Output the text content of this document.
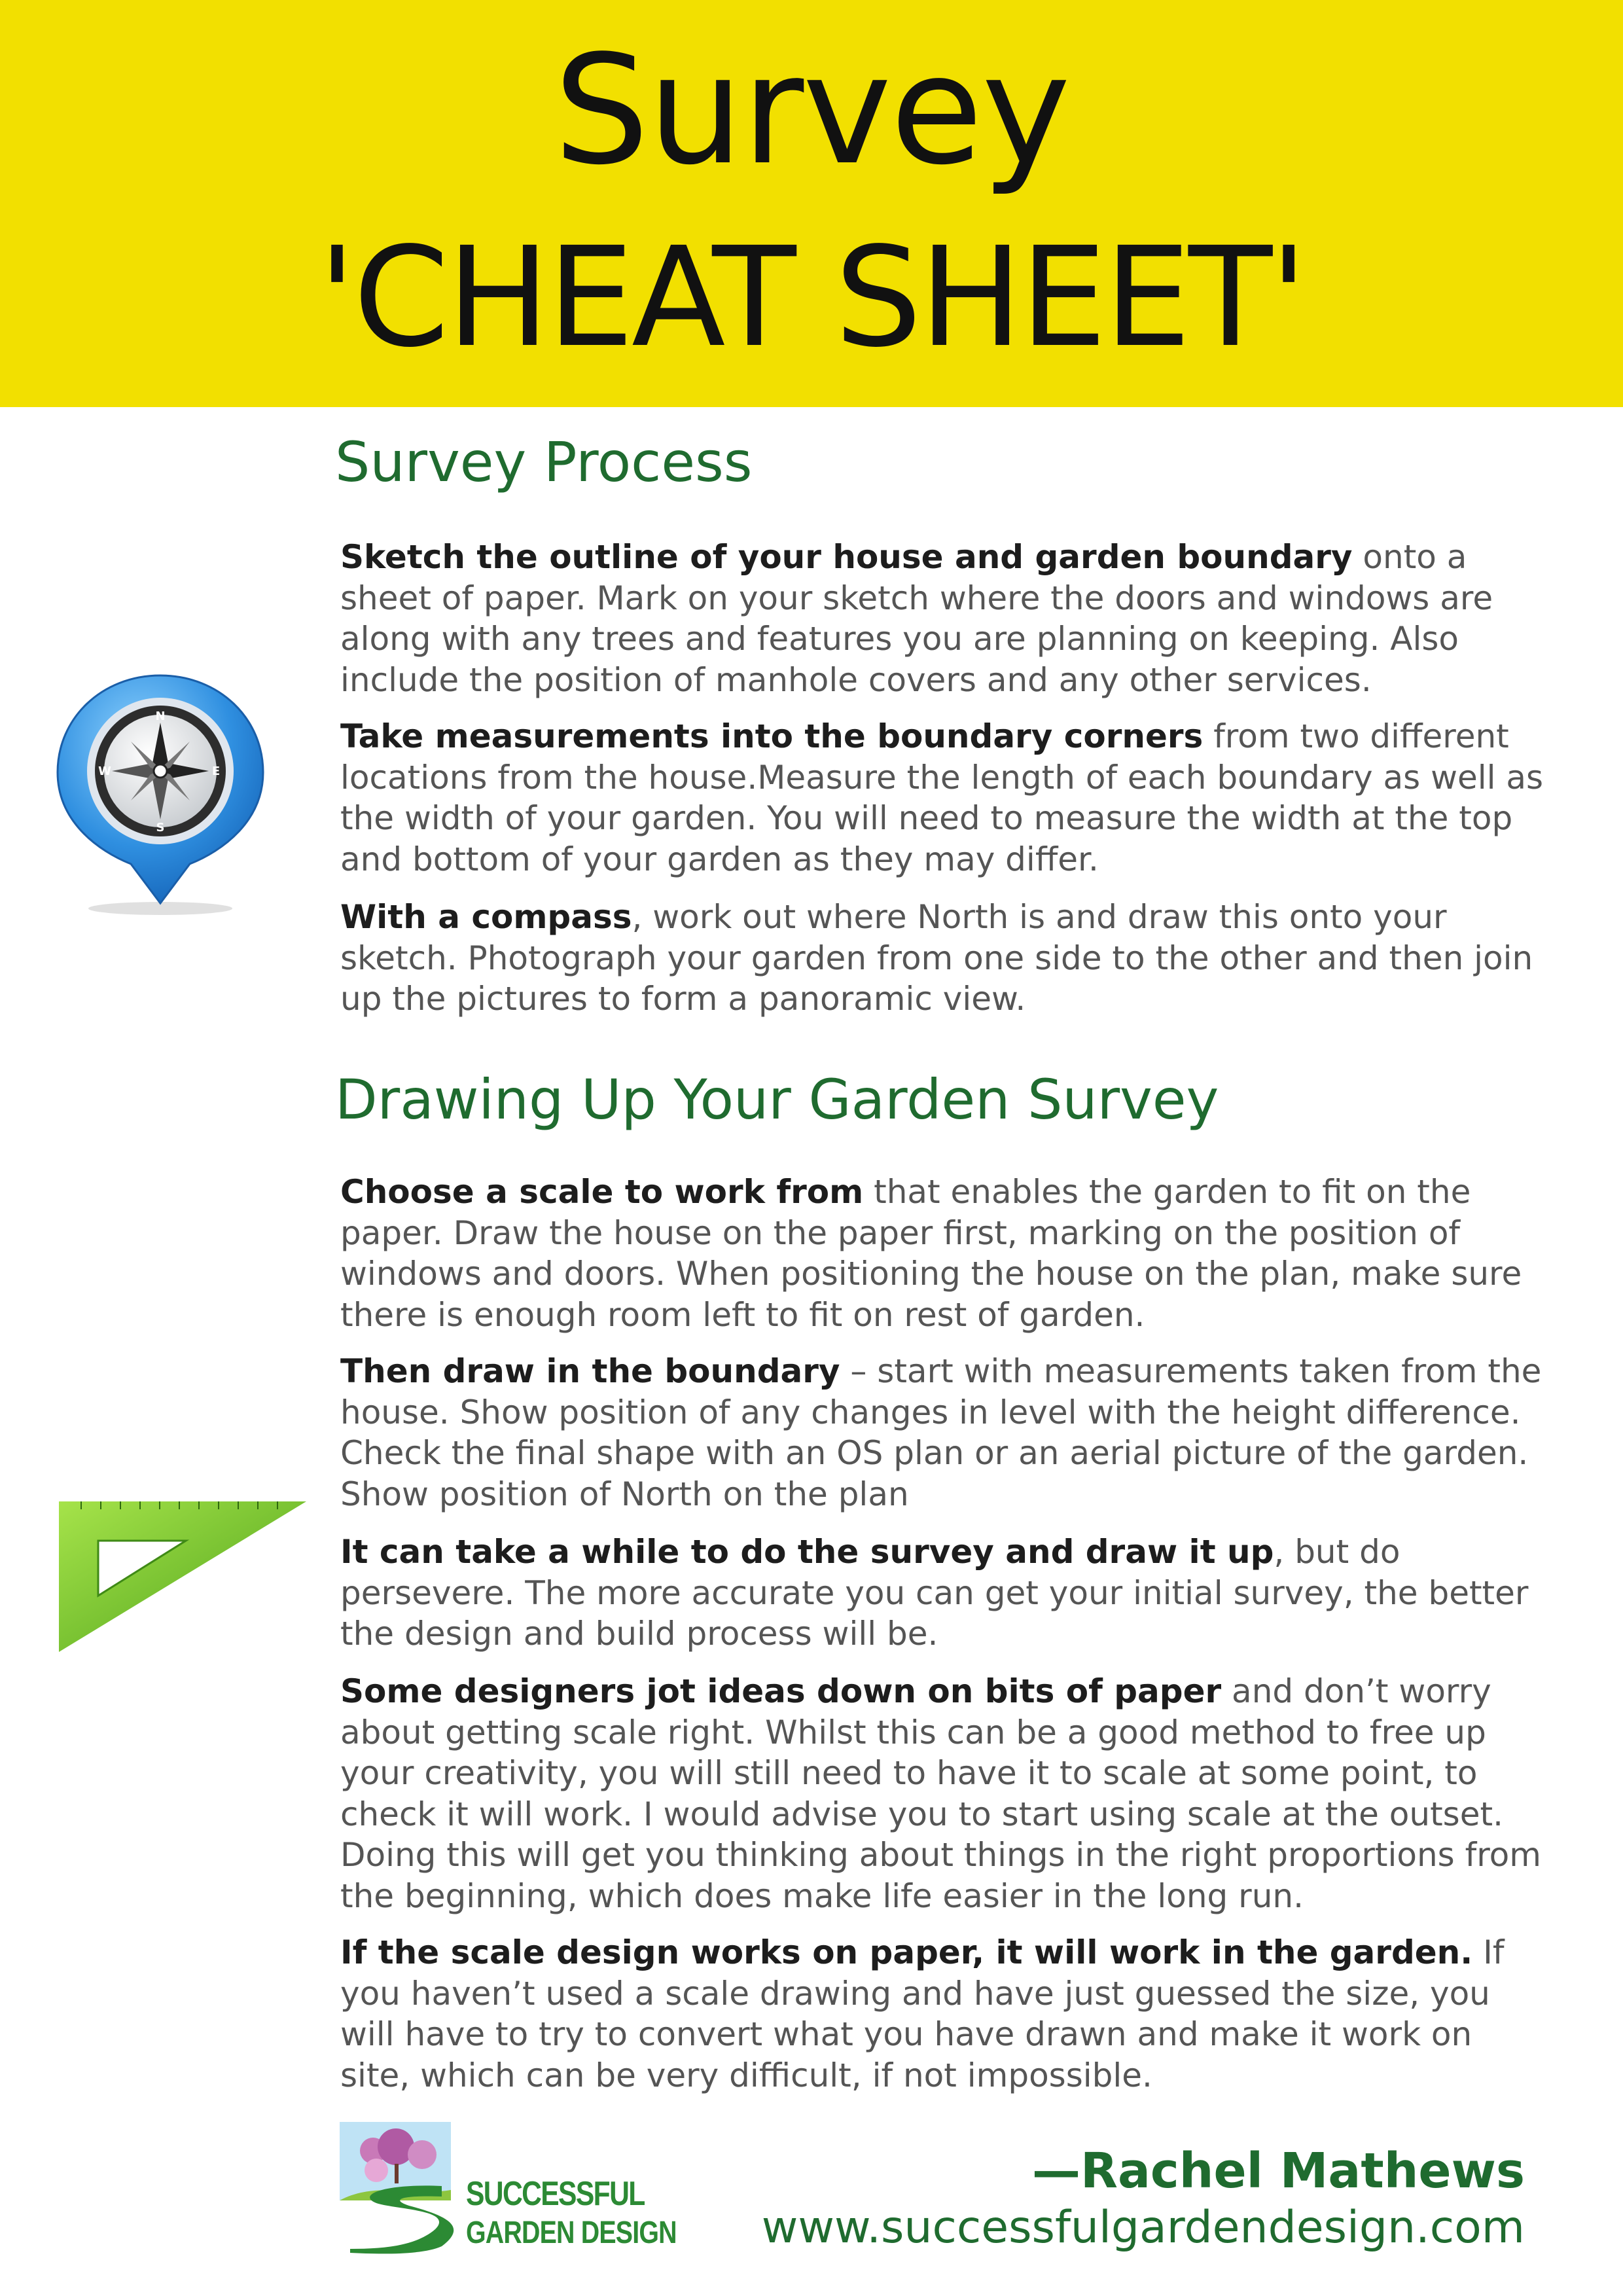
Survey
'CHEAT SHEET'
Survey Process

Sketch the outline of your house and garden boundary onto a sheet of paper. Mark on your sketch where the doors and windows are along with any trees and features you are planning on keeping. Also include the position of manhole covers and any other services.

Take measurements into the boundary corners from two different locations from the house.Measure the length of each boundary as well as the width of your garden. You will need to measure the width at the top and bottom of your garden as they may differ.

With a compass, work out where North is and draw this onto your sketch. Photograph your garden from one side to the other and then join up the pictures to form a panoramic view.

Drawing Up Your Garden Survey

Choose a scale to work from that enables the garden to fit on the paper. Draw the house on the paper first, marking on the position of windows and doors. When positioning the house on the plan, make sure there is enough room left to fit on rest of garden.

Then draw in the boundary – start with measurements taken from the house. Show position of any changes in level with the height difference. Check the final shape with an OS plan or an aerial picture of the garden. Show position of North on the plan

It can take a while to do the survey and draw it up, but do persevere. The more accurate you can get your initial survey, the better the design and build process will be.

Some designers jot ideas down on bits of paper and don’t worry about getting scale right. Whilst this can be a good method to free up your creativity, you will still need to have it to scale at some point, to check it will work. I would advise you to start using scale at the outset. Doing this will get you thinking about things in the right proportions from the beginning, which does make life easier in the long run.

If the scale design works on paper, it will work in the garden. If you haven’t used a scale drawing and have just guessed the size, you will have to try to convert what you have drawn and make it work on site, which can be very difficult, if not impossible.

N
S
E
W
SUCCESSFUL
GARDEN DESIGN
—Rachel Mathews
www.successfulgardendesign.com
